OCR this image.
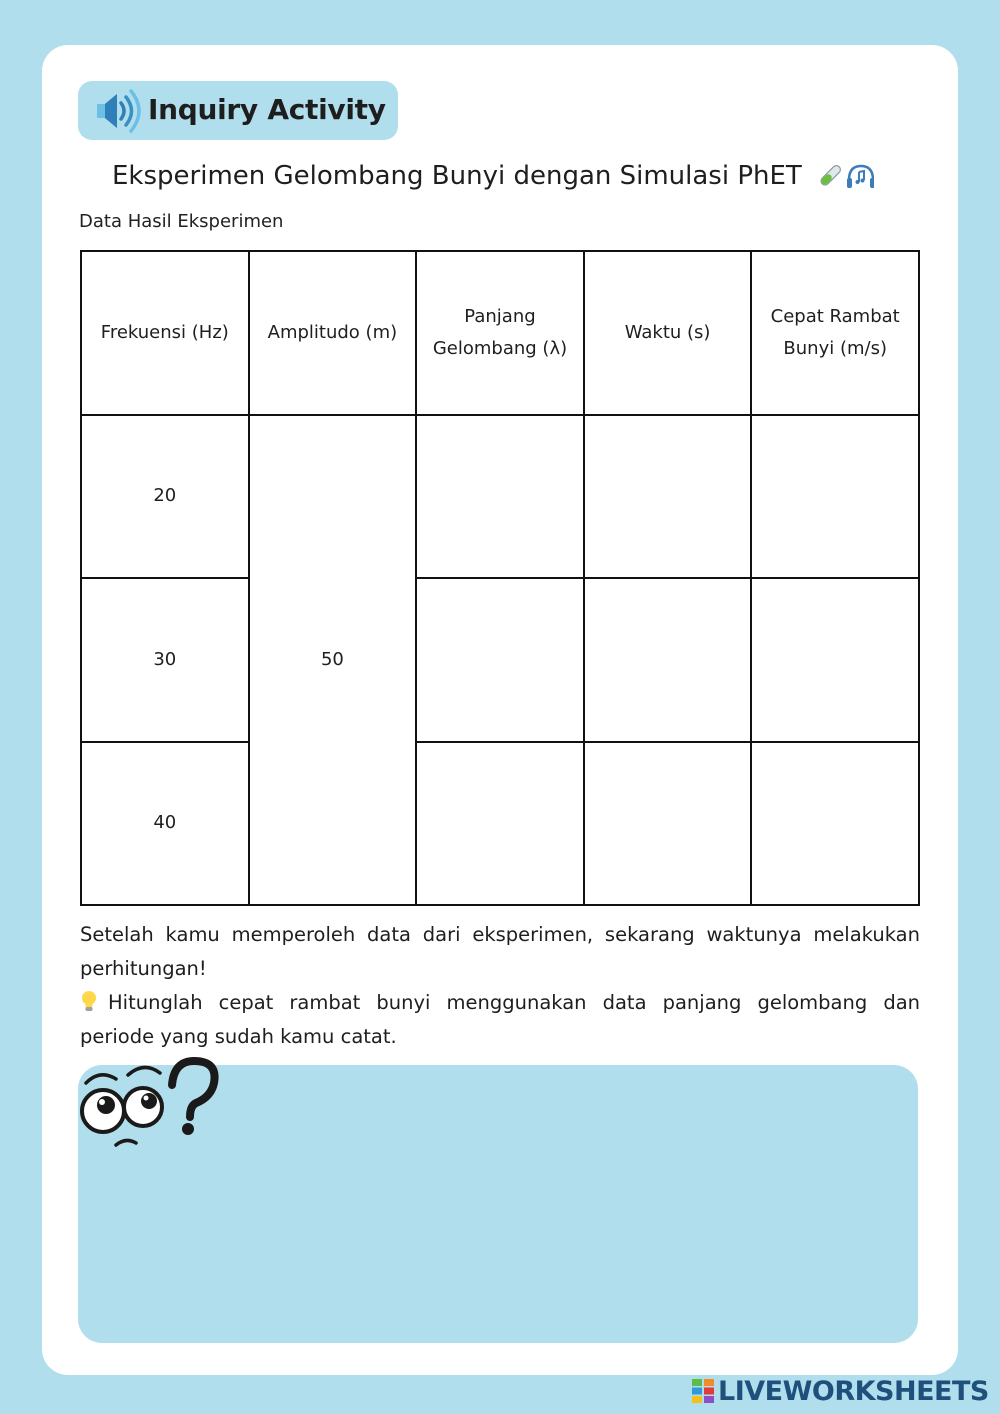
Inquiry Activity
Eksperimen Gelombang Bunyi dengan Simulasi PhET
Data Hasil Eksperimen
Frekuensi (Hz)	Amplitudo (m)	Panjang Gelombang (λ)	Waktu (s)	Cepat Rambat Bunyi (m/s)
20	50			
30				
40				
Setelah kamu memperoleh data dari eksperimen, sekarang waktunya melakukan perhitungan!
Hitunglah cepat rambat bunyi menggunakan data panjang gelombang dan periode yang sudah kamu catat.
LIVEWORKSHEETS
